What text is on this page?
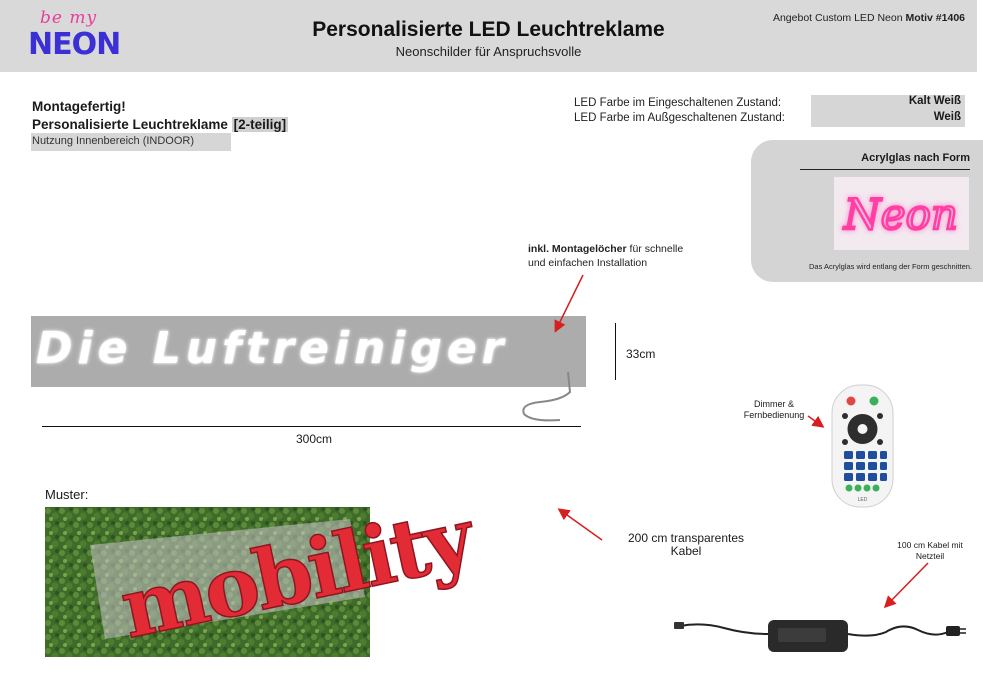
be my
NEON	Personalisierte LED Leuchtreklame
Neonschilder für Anspruchsvolle
Angebot Custom LED Neon Motiv #1406
Montagefertig!
Personalisierte Leuchtreklame [2-teilig]
Nutzung Innenbereich (INDOOR)
LED Farbe im Eingeschaltenen Zustand:	Kalt Weiß
LED Farbe im Außgeschaltenen Zustand:	Weiß
Acrylglas nach Form
Neon
Das Acrylglas wird entlang der Form geschnitten.
inkl. Montagelöcher für schnelle
und einfachen Installation
Die Luftreiniger	33cm
300cm
Dimmer &
Fernbedienung
LED
Muster: mobility	200 cm transparentes
Kabel	100 cm Kabel mit
Netzteil
